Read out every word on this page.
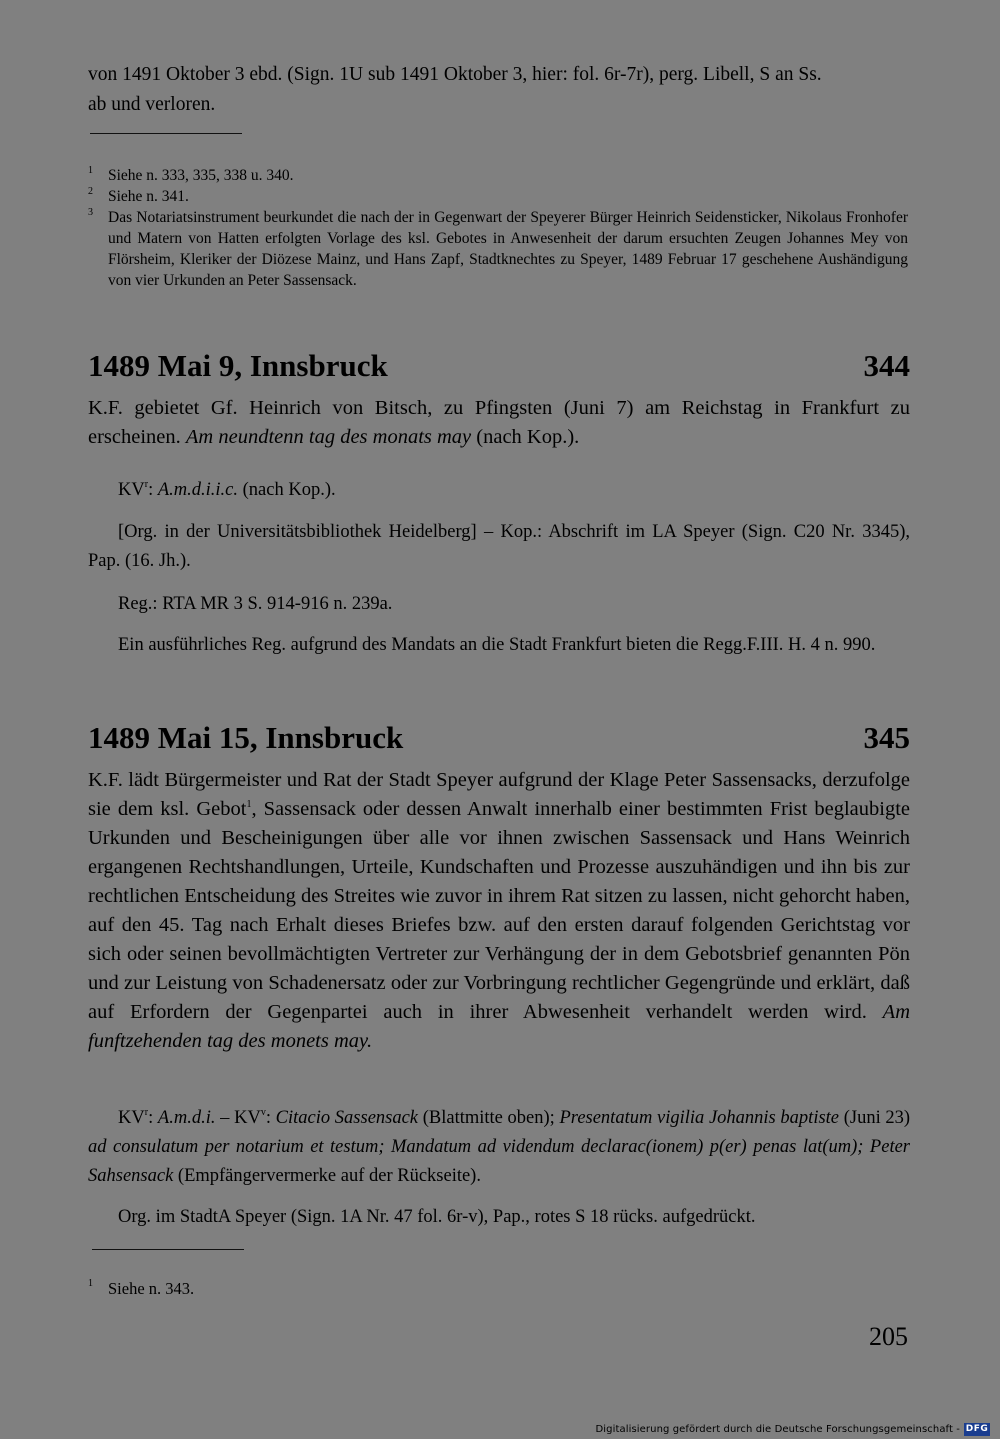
von 1491 Oktober 3 ebd. (Sign. 1U sub 1491 Oktober 3, hier: fol. 6r-7r), perg. Libell, S an Ss.
ab und verloren.
1 Siehe n. 333, 335, 338 u. 340.
2 Siehe n. 341.
3 Das Notariatsinstrument beurkundet die nach der in Gegenwart der Speyerer Bürger Heinrich Seidensticker, Nikolaus Fronhofer und Matern von Hatten erfolgten Vorlage des ksl. Gebotes in Anwesenheit der darum ersuchten Zeugen Johannes Mey von Flörsheim, Kleriker der Diözese Mainz, und Hans Zapf, Stadtknechtes zu Speyer, 1489 Februar 17 geschehene Aushändigung von vier Urkunden an Peter Sassensack.
1489 Mai 9, Innsbruck	344
K.F. gebietet Gf. Heinrich von Bitsch, zu Pfingsten (Juni 7) am Reichstag in Frankfurt zu erscheinen. Am neundtenn tag des monats may (nach Kop.).
$KV^r$: A.m.d.i.i.c. (nach Kop.).
[Org. in der Universitätsbibliothek Heidelberg] – Kop.: Abschrift im LA Speyer (Sign. C20 Nr. 3345), Pap. (16. Jh.).
Reg.: RTA MR 3 S. 914-916 n. 239a.
Ein ausführliches Reg. aufgrund des Mandats an die Stadt Frankfurt bieten die Regg.F.III. H. 4 n. 990.
1489 Mai 15, Innsbruck	345
K.F. lädt Bürgermeister und Rat der Stadt Speyer aufgrund der Klage Peter Sassensacks, derzufolge sie dem ksl. Gebot$^1$, Sassensack oder dessen Anwalt innerhalb einer bestimmten Frist beglaubigte Urkunden und Bescheinigungen über alle vor ihnen zwischen Sassensack und Hans Weinrich ergangenen Rechtshandlungen, Urteile, Kundschaften und Prozesse auszuhändigen und ihn bis zur rechtlichen Entscheidung des Streites wie zuvor in ihrem Rat sitzen zu lassen, nicht gehorcht haben, auf den 45. Tag nach Erhalt dieses Briefes bzw. auf den ersten darauf folgenden Gerichtstag vor sich oder seinen bevollmächtigten Vertreter zur Verhängung der in dem Gebotsbrief genannten Pön und zur Leistung von Schadenersatz oder zur Vorbringung rechtlicher Gegengründe und erklärt, daß auf Erfordern der Gegenpartei auch in ihrer Abwesenheit verhandelt werden wird. Am funftzehenden tag des monets may.
$KV^r$: A.m.d.i. – $KV^v$: Citacio Sassensack (Blattmitte oben); Presentatum vigilia Johannis baptiste (Juni 23) ad consulatum per notarium et testum; Mandatum ad videndum declarac(ionem) p(er) penas lat(um); Peter Sahsensack (Empfängervermerke auf der Rückseite).
Org. im StadtA Speyer (Sign. 1A Nr. 47 fol. 6r-v), Pap., rotes S 18 rücks. aufgedrückt.
1 Siehe n. 343.
205
Digitalisierung gefördert durch die Deutsche Forschungsgemeinschaft - DFG
